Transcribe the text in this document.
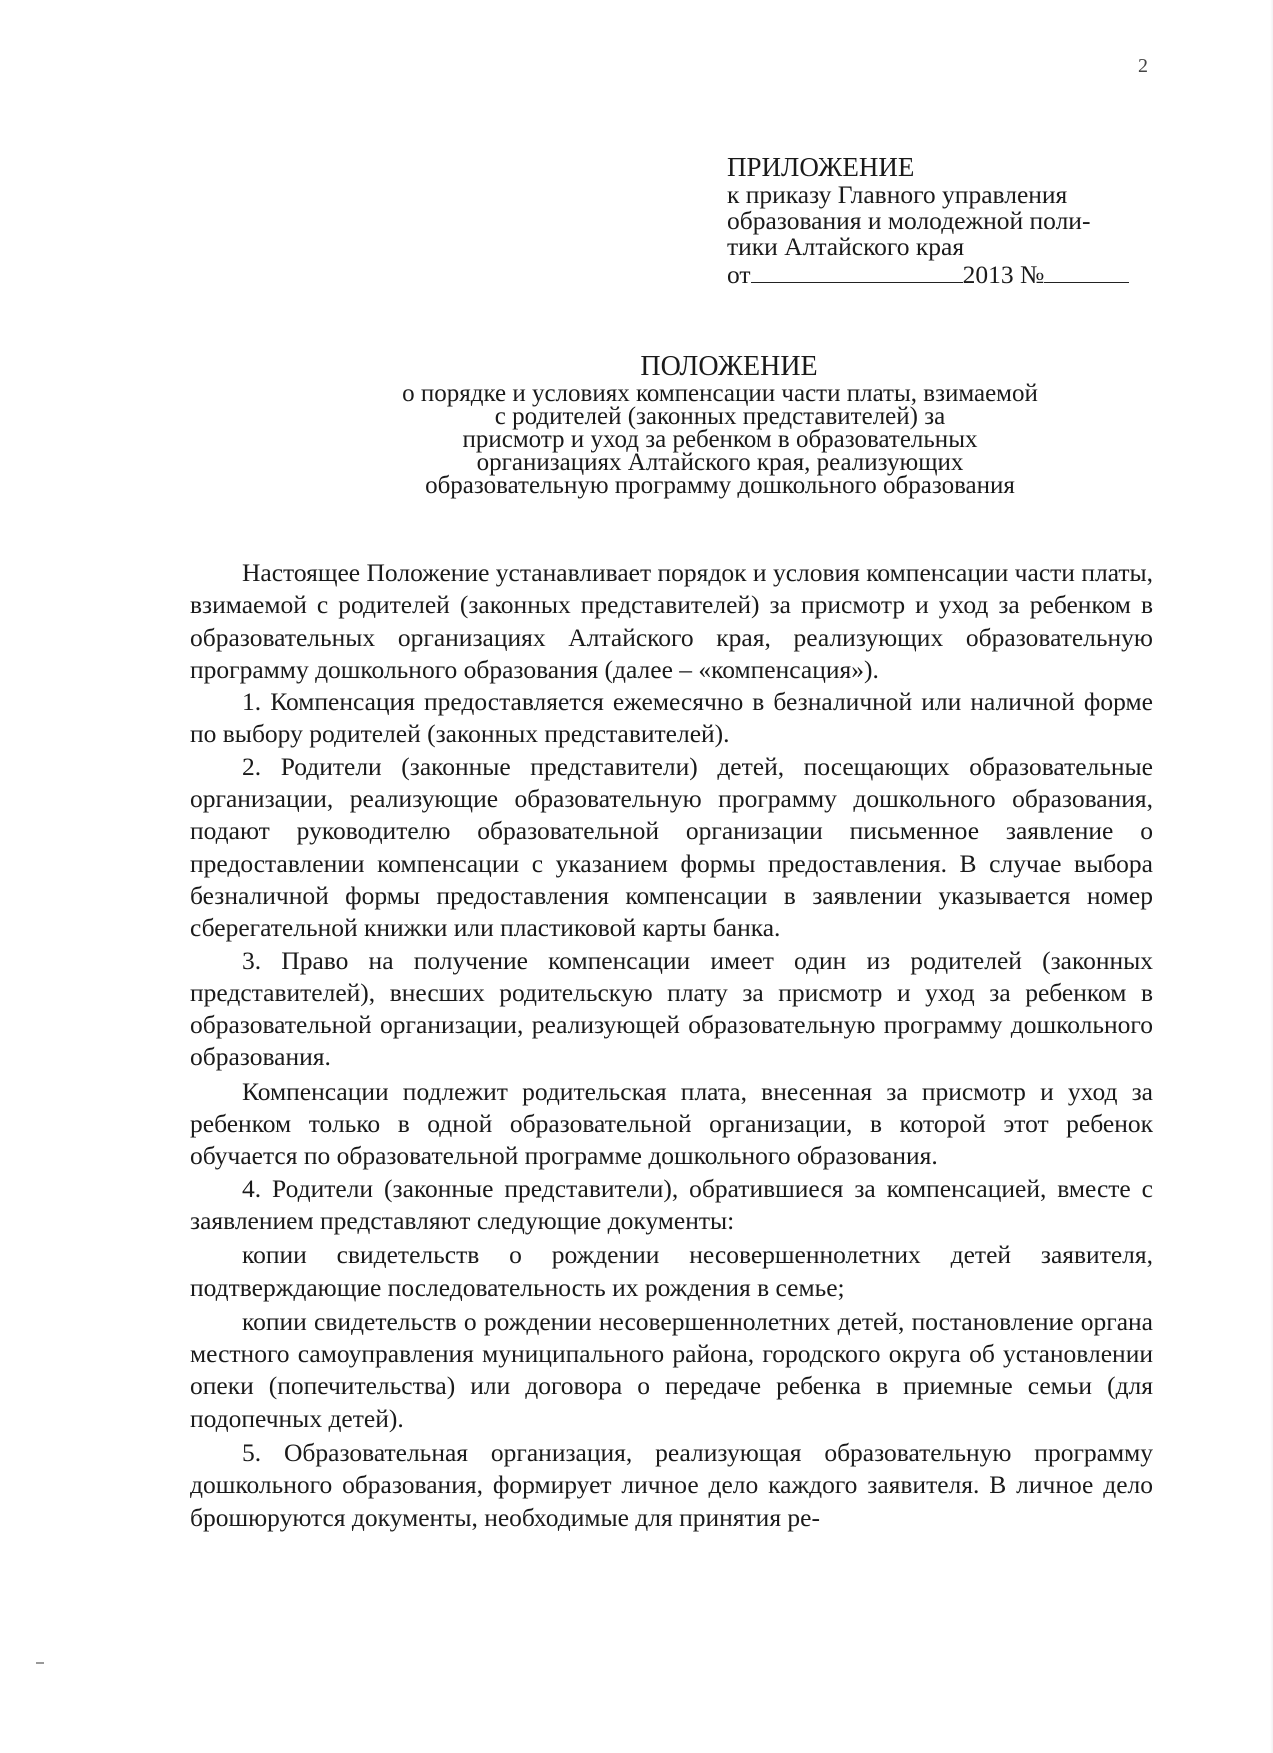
2
ПРИЛОЖЕНИЕ
к приказу Главного управления
образования и молодежной поли-
тики Алтайского края
от	2013 №
ПОЛОЖЕНИЕ
о порядке и условиях компенсации части платы, взимаемой
с родителей (законных представителей) за
присмотр и уход за ребенком в образовательных
организациях Алтайского края, реализующих
образовательную программу дошкольного образования

Настоящее Положение устанавливает порядок и условия компенсации части платы, взимаемой с родителей (законных представителей) за присмотр и уход за ребенком в образовательных организациях Алтайского края, реализующих образовательную программу дошкольного образования (далее – «компенсация»).

1. Компенсация предоставляется ежемесячно в безналичной или наличной форме по выбору родителей (законных представителей).

2. Родители (законные представители) детей, посещающих образовательные организации, реализующие образовательную программу дошкольного образования, подают руководителю образовательной организации письменное заявление о предоставлении компенсации с указанием формы предоставления. В случае выбора безналичной формы предоставления компенсации в заявлении указывается номер сберегательной книжки или пластиковой карты банка.

3. Право на получение компенсации имеет один из родителей (законных представителей), внесших родительскую плату за присмотр и уход за ребенком в образовательной организации, реализующей образовательную программу дошкольного образования.

Компенсации подлежит родительская плата, внесенная за присмотр и уход за ребенком только в одной образовательной организации, в которой этот ребенок обучается по образовательной программе дошкольного образования.

4. Родители (законные представители), обратившиеся за компенсацией, вместе с заявлением представляют следующие документы:

копии свидетельств о рождении несовершеннолетних детей заявителя, подтверждающие последовательность их рождения в семье;

копии свидетельств о рождении несовершеннолетних детей, постановление органа местного самоуправления муниципального района, городского округа об установлении опеки (попечительства) или договора о передаче ребенка в приемные семьи (для подопечных детей).

5. Образовательная организация, реализующая образовательную программу дошкольного образования, формирует личное дело каждого заявителя. В личное дело брошюруются документы, необходимые для принятия ре-
